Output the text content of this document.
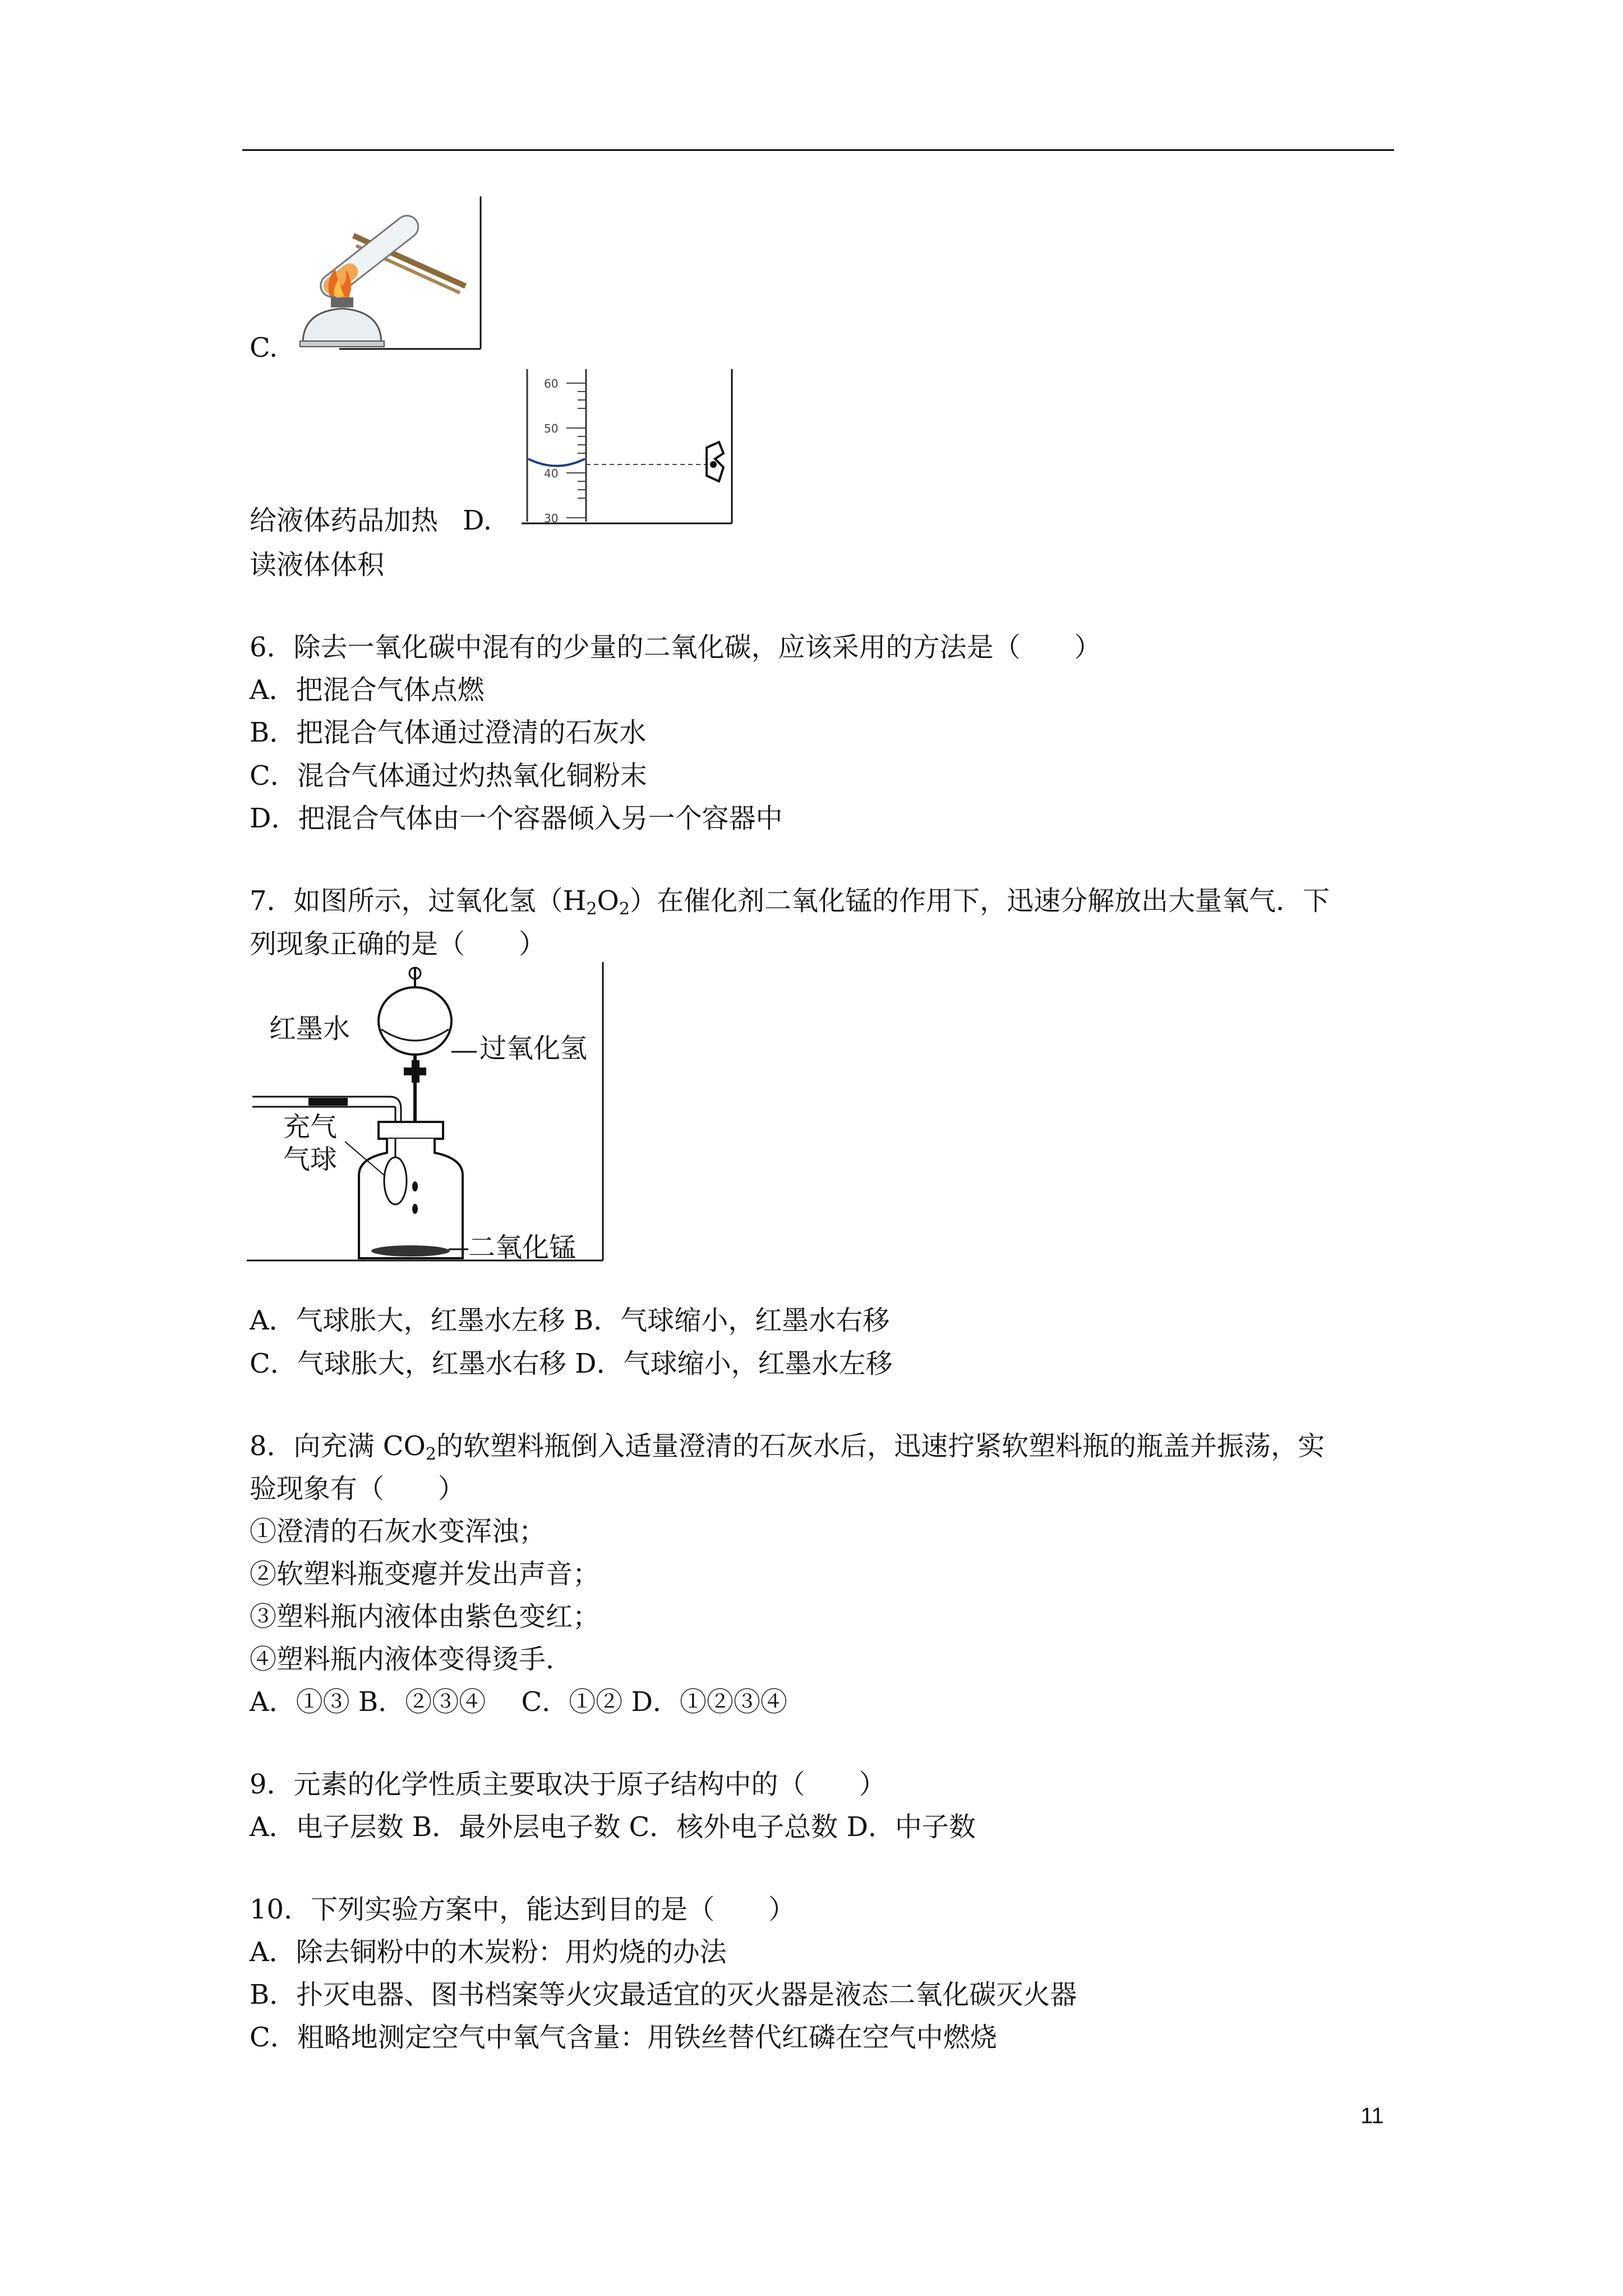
C.
60
50
40
30
给液体药品加热 D.
读液体体积
6．除去一氧化碳中混有的少量的二氧化碳，应该采用的方法是（　　）
A．把混合气体点燃
B．把混合气体通过澄清的石灰水
C．混合气体通过灼热氧化铜粉末
D．把混合气体由一个容器倾入另一个容器中
7．如图所示，过氧化氢$(H_2O_2)$在催化剂二氧化锰的作用下，迅速分解放出大量氧气．下
列现象正确的是（　　）
红墨水
过氧化氢
充气
气球
二氧化锰
A．气球胀大，红墨水左移 B．气球缩小，红墨水右移
C．气球胀大，红墨水右移 D．气球缩小，红墨水左移
8．向充满 $CO_2$的软塑料瓶倒入适量澄清的石灰水后，迅速拧紧软塑料瓶的瓶盖并振荡，实
验现象有（　　）
①澄清的石灰水变浑浊；
②软塑料瓶变瘪并发出声音；
③塑料瓶内液体由紫色变红；
④塑料瓶内液体变得烫手．
A．①③ B．②③④　 C．①② D．①②③④
9．元素的化学性质主要取决于原子结构中的（　　）
A．电子层数 B．最外层电子数 C．核外电子总数 D．中子数
10．下列实验方案中，能达到目的是（　　）
A．除去铜粉中的木炭粉：用灼烧的办法
B．扑灭电器、图书档案等火灾最适宜的灭火器是液态二氧化碳灭火器
C．粗略地测定空气中氧气含量：用铁丝替代红磷在空气中燃烧
11
